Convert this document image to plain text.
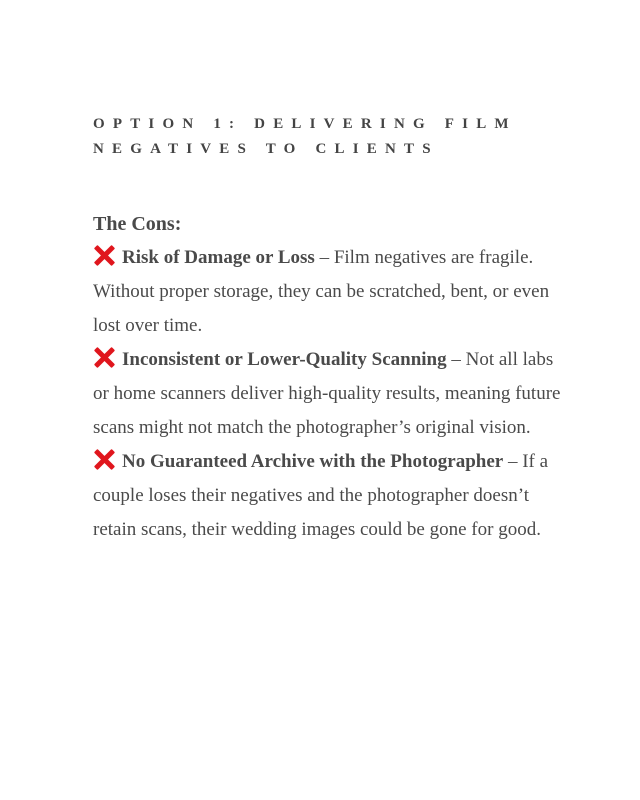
OPTION 1: DELIVERING FILM
NEGATIVES TO CLIENTS

The Cons:

Risk of Damage or Loss – Film negatives are fragile. Without proper storage, they can be scratched, bent, or even lost over time.

Inconsistent or Lower-Quality Scanning – Not all labs or home scanners deliver high-quality results, meaning future scans might not match the photographer’s original vision.

No Guaranteed Archive with the Photographer – If a couple loses their negatives and the photographer doesn’t retain scans, their wedding images could be gone for good.
